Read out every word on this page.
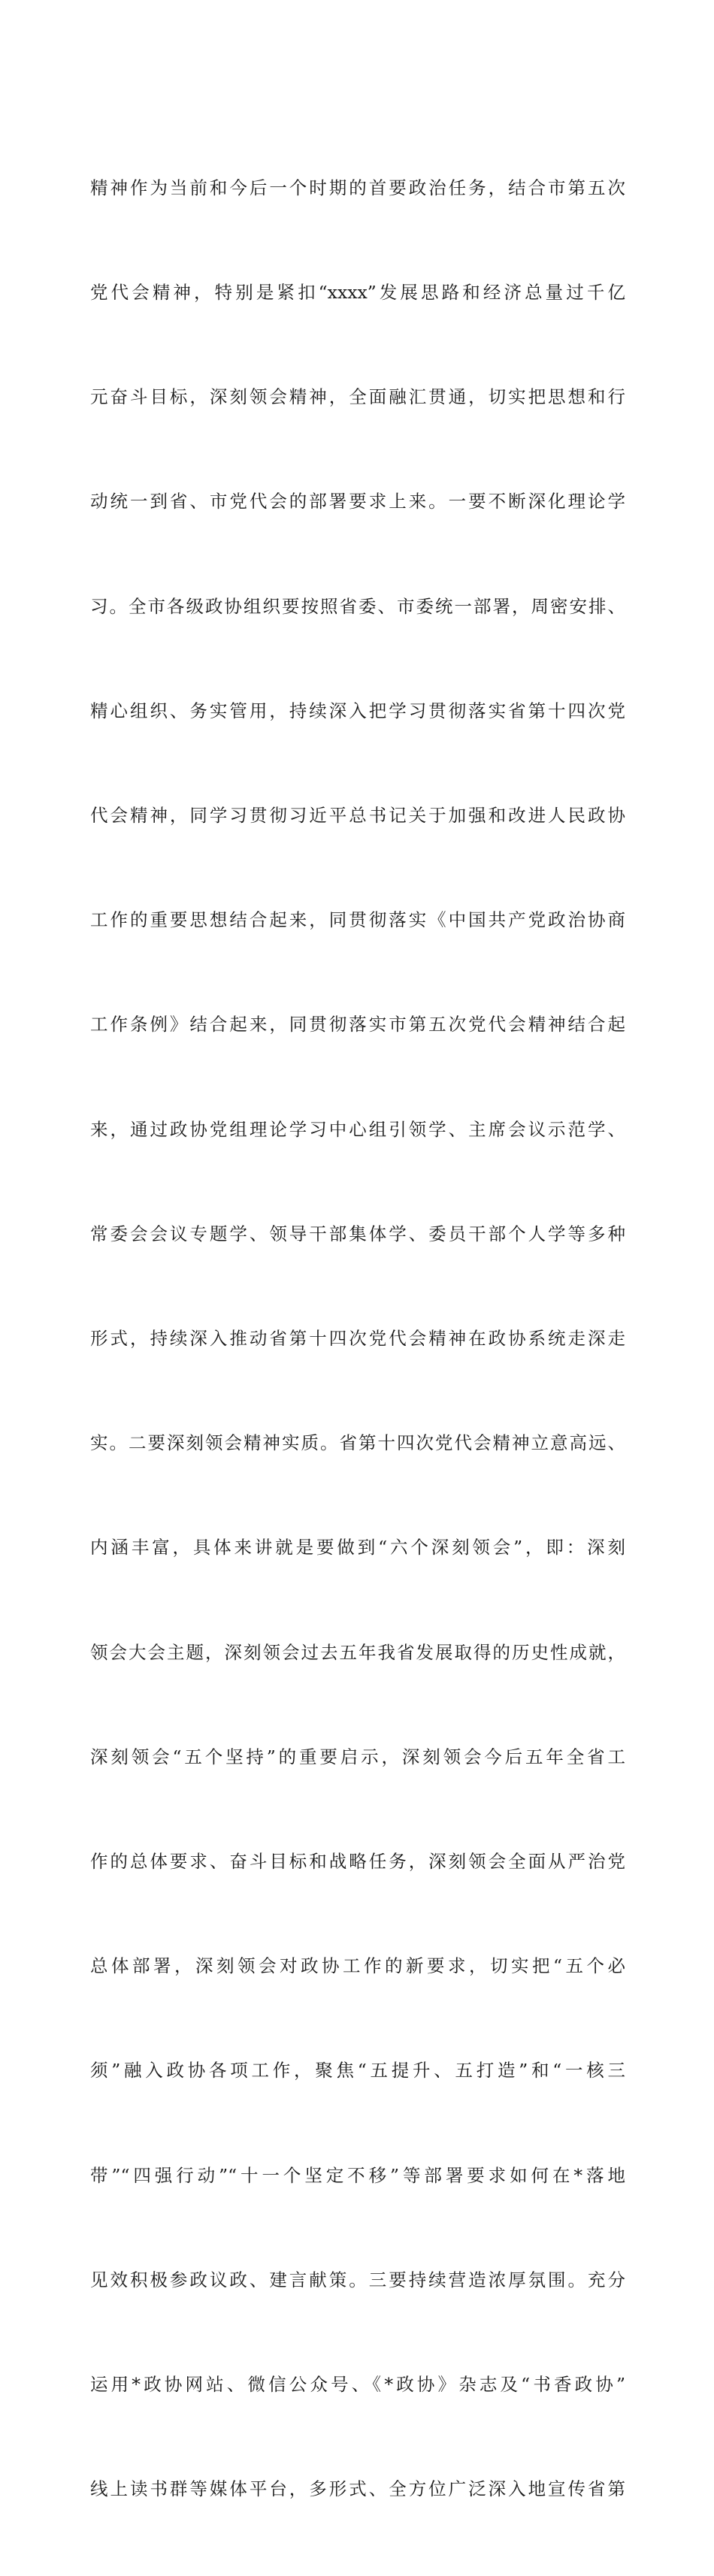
精神作为当前和今后一个时期的首要政治任务，结合市第五次

党代会精神，特别是紧扣“xxxx”发展思路和经济总量过千亿

元奋斗目标，深刻领会精神，全面融汇贯通，切实把思想和行

动统一到省、市党代会的部署要求上来。一要不断深化理论学

习。全市各级政协组织要按照省委、市委统一部署，周密安排、

精心组织、务实管用，持续深入把学习贯彻落实省第十四次党

代会精神，同学习贯彻习近平总书记关于加强和改进人民政协

工作的重要思想结合起来，同贯彻落实《中国共产党政治协商

工作条例》结合起来，同贯彻落实市第五次党代会精神结合起

来，通过政协党组理论学习中心组引领学、主席会议示范学、

常委会会议专题学、领导干部集体学、委员干部个人学等多种

形式，持续深入推动省第十四次党代会精神在政协系统走深走

实。二要深刻领会精神实质。省第十四次党代会精神立意高远、

内涵丰富，具体来讲就是要做到“六个深刻领会”，即：深刻

领会大会主题，深刻领会过去五年我省发展取得的历史性成就，

深刻领会“五个坚持”的重要启示，深刻领会今后五年全省工

作的总体要求、奋斗目标和战略任务，深刻领会全面从严治党

总体部署，深刻领会对政协工作的新要求，切实把“五个必

须”融入政协各项工作，聚焦“五提升、五打造”和“一核三

带”“四强行动”“十一个坚定不移”等部署要求如何在*落地

见效积极参政议政、建言献策。三要持续营造浓厚氛围。充分

运用*政协网站、微信公众号、《*政协》杂志及“书香政协”

线上读书群等媒体平台，多形式、全方位广泛深入地宣传省第
